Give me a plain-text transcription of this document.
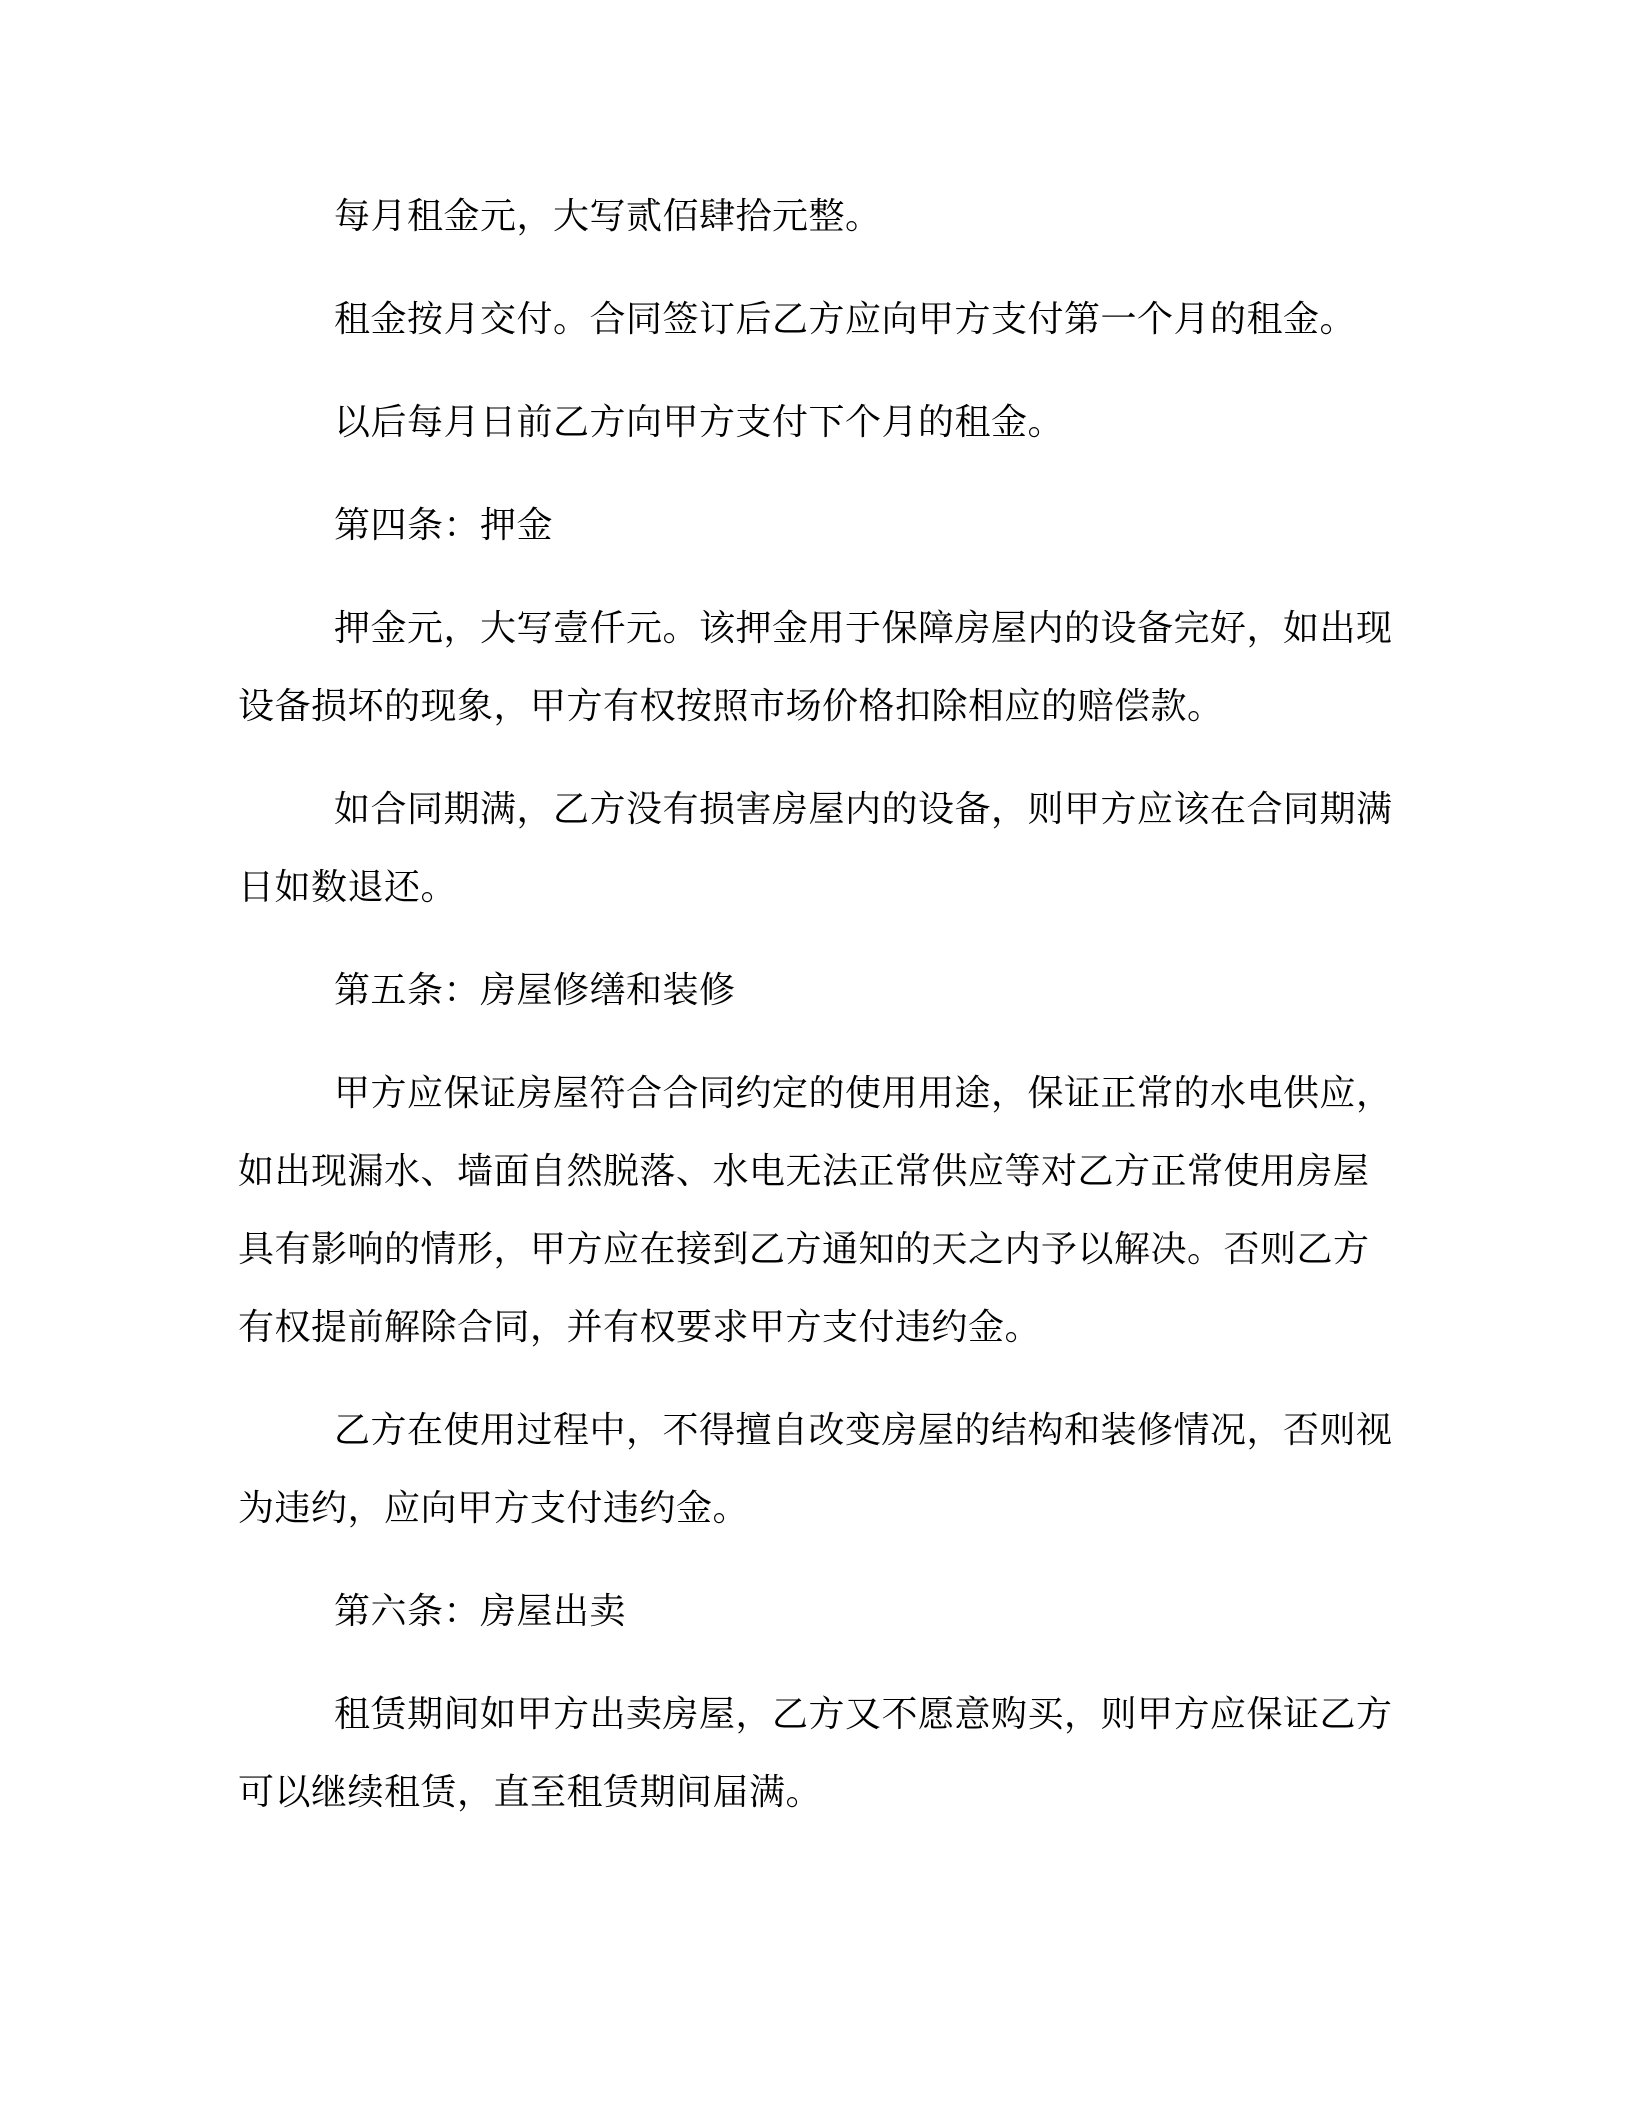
每月租金元，大写贰佰肆拾元整。

租金按月交付。合同签订后乙方应向甲方支付第一个月的租金。

以后每月日前乙方向甲方支付下个月的租金。

第四条：押金

押金元，大写壹仟元。该押金用于保障房屋内的设备完好，如出现设备损坏的现象，甲方有权按照市场价格扣除相应的赔偿款。

如合同期满，乙方没有损害房屋内的设备，则甲方应该在合同期满日如数退还。

第五条：房屋修缮和装修

甲方应保证房屋符合合同约定的使用用途，保证正常的水电供应，如出现漏水、墙面自然脱落、水电无法正常供应等对乙方正常使用房屋具有影响的情形，甲方应在接到乙方通知的天之内予以解决。否则乙方有权提前解除合同，并有权要求甲方支付违约金。

乙方在使用过程中，不得擅自改变房屋的结构和装修情况，否则视为违约，应向甲方支付违约金。

第六条：房屋出卖

租赁期间如甲方出卖房屋，乙方又不愿意购买，则甲方应保证乙方可以继续租赁，直至租赁期间届满。
